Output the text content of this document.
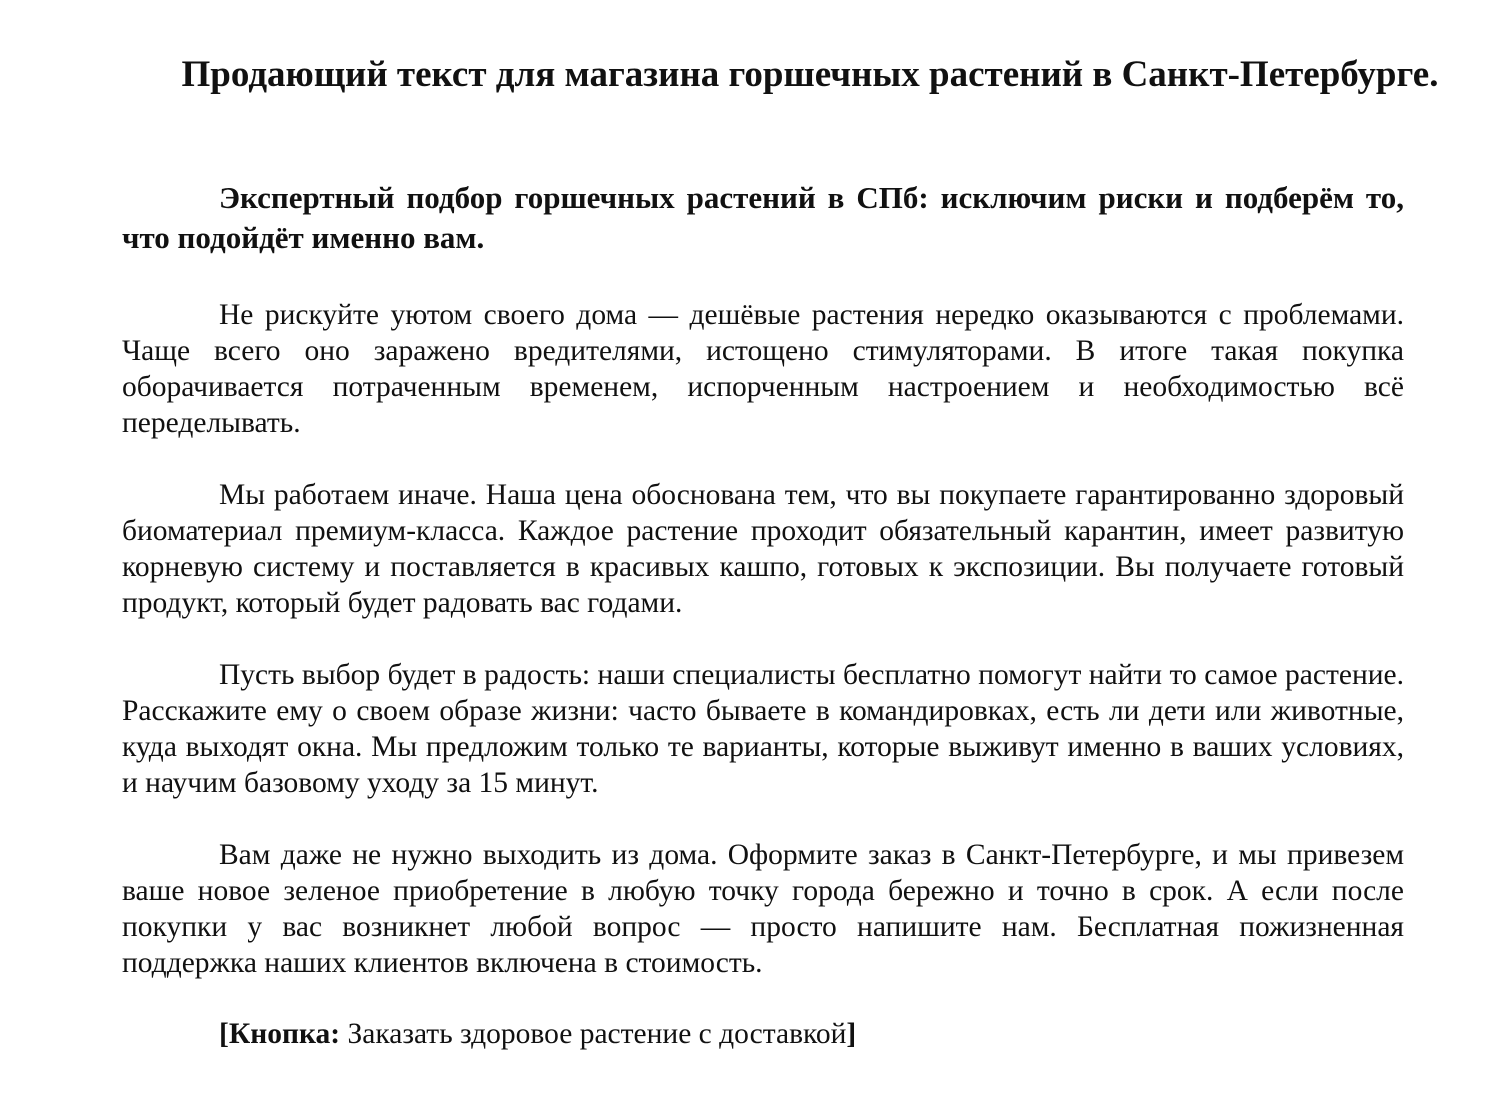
Продающий текст для магазина горшечных растений в Санкт-Петербурге.
Экспертный подбор горшечных растений в СПб: исключим риски и подберём то, что подойдёт именно вам.

Не рискуйте уютом своего дома — дешёвые растения нередко оказываются с проблемами. Чаще всего оно заражено вредителями, истощено стимуляторами. В итоге такая покупка оборачивается потраченным временем, испорченным настроением и необходимостью всё переделывать.

Мы работаем иначе. Наша цена обоснована тем, что вы покупаете гарантированно здоровый биоматериал премиум-класса. Каждое растение проходит обязательный карантин, имеет развитую корневую систему и поставляется в красивых кашпо, готовых к экспозиции. Вы получаете готовый продукт, который будет радовать вас годами.

Пусть выбор будет в радость: наши специалисты бесплатно помогут найти то самое растение. Расскажите ему о своем образе жизни: часто бываете в командировках, есть ли дети или животные, куда выходят окна. Мы предложим только те варианты, которые выживут именно в ваших условиях, и научим базовому уходу за 15 минут.

Вам даже не нужно выходить из дома. Оформите заказ в Санкт-Петербурге, и мы привезем ваше новое зеленое приобретение в любую точку города бережно и точно в срок. А если после покупки у вас возникнет любой вопрос — просто напишите нам. Бесплатная пожизненная поддержка наших клиентов включена в стоимость.

[Кнопка: Заказать здоровое растение с доставкой]
